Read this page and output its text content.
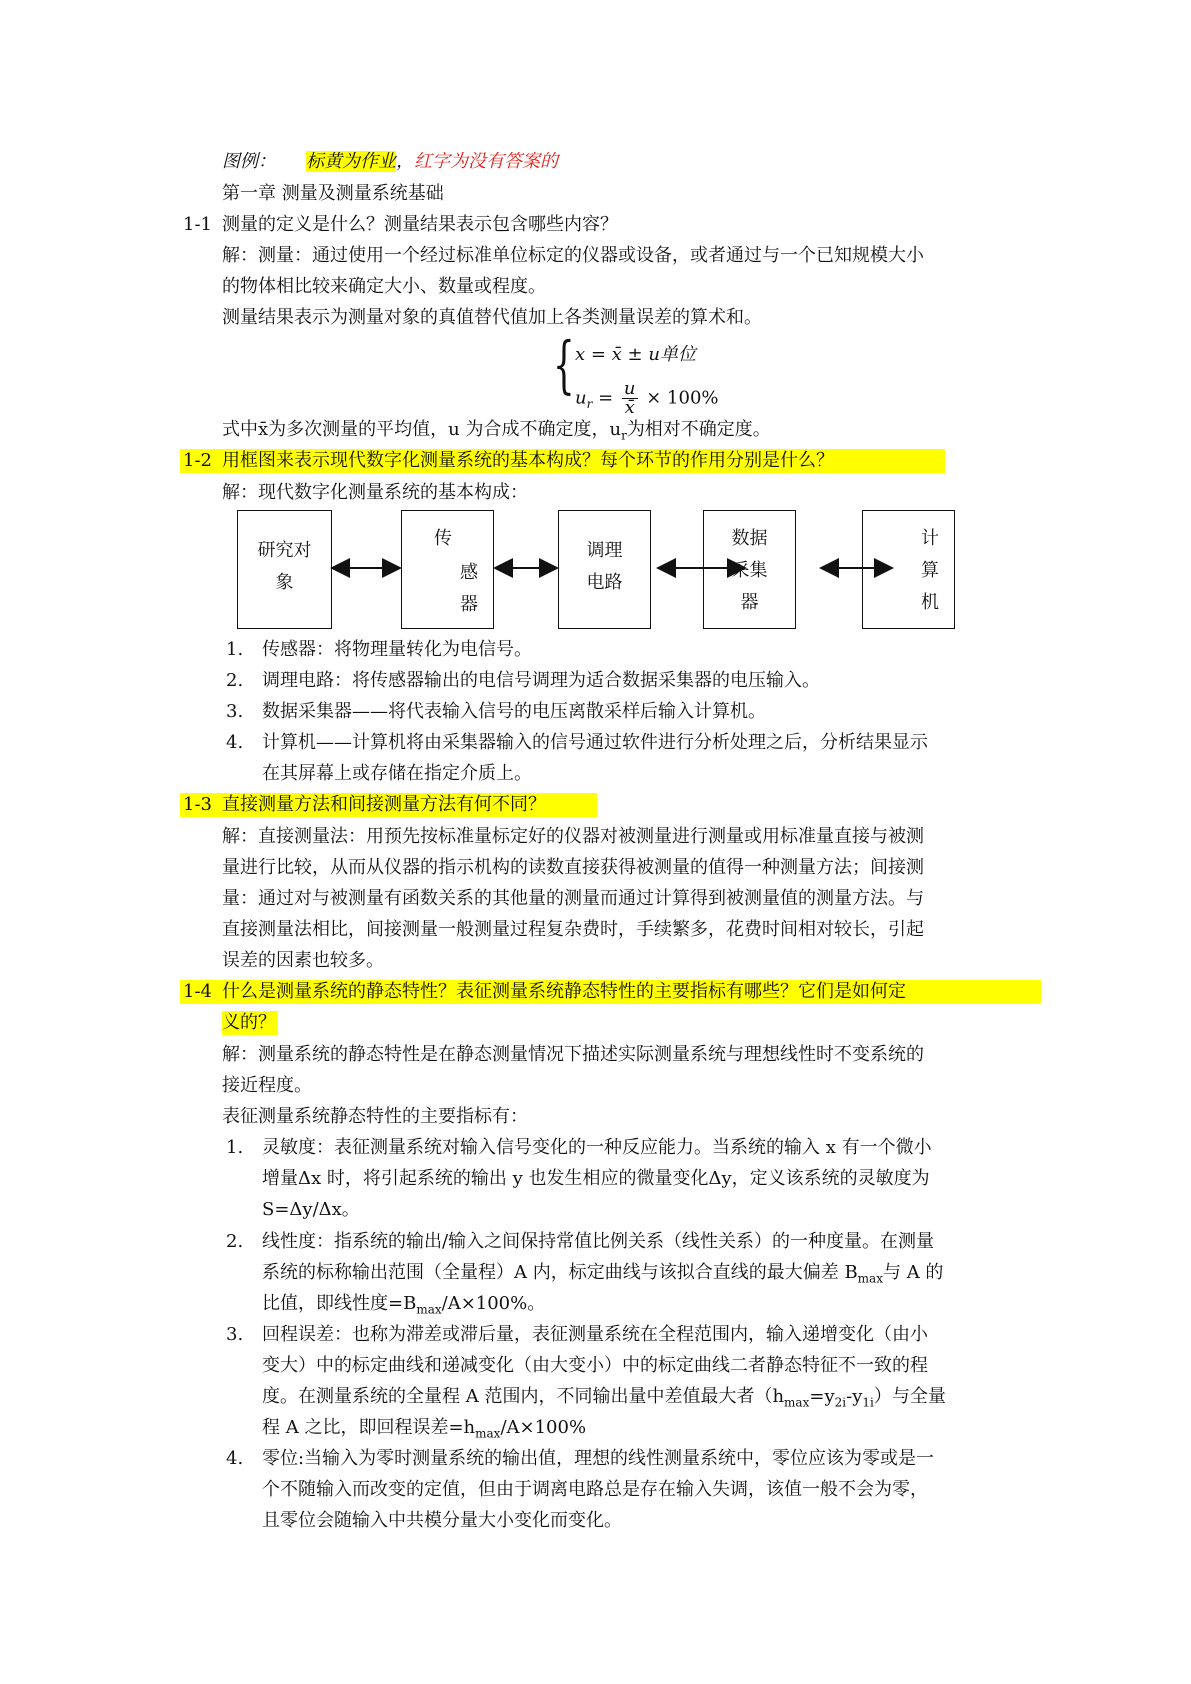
图例： 标黄为作业，红字为没有答案的
第一章 测量及测量系统基础
1-1 测量的定义是什么？测量结果表示包含哪些内容？
解：测量：通过使用一个经过标准单位标定的仪器或设备，或者通过与一个已知规模大小
的物体相比较来确定大小、数量或程度。
测量结果表示为测量对象的真值替代值加上各类测量误差的算术和。
{ x = x̄ ± u单位
$u_r = \frac{u}{x̄} \times 100\%$
式中x̄为多次测量的平均值，u 为合成不确定度，$u_r$为相对不确定度。
1-2 用框图来表示现代数字化测量系统的基本构成？每个环节的作用分别是什么？
解：现代数字化测量系统的基本构成：
研究对
象
传
感
器
调理
电路
数据
采集
器
计
算
机
1. 传感器：将物理量转化为电信号。
2. 调理电路：将传感器输出的电信号调理为适合数据采集器的电压输入。
3. 数据采集器——将代表输入信号的电压离散采样后输入计算机。
4. 计算机——计算机将由采集器输入的信号通过软件进行分析处理之后，分析结果显示
在其屏幕上或存储在指定介质上。
1-3 直接测量方法和间接测量方法有何不同？
解：直接测量法：用预先按标准量标定好的仪器对被测量进行测量或用标准量直接与被测
量进行比较，从而从仪器的指示机构的读数直接获得被测量的值得一种测量方法；间接测
量：通过对与被测量有函数关系的其他量的测量而通过计算得到被测量值的测量方法。与
直接测量法相比，间接测量一般测量过程复杂费时，手续繁多，花费时间相对较长，引起
误差的因素也较多。
1-4 什么是测量系统的静态特性？表征测量系统静态特性的主要指标有哪些？它们是如何定
义的？
解：测量系统的静态特性是在静态测量情况下描述实际测量系统与理想线性时不变系统的
接近程度。
表征测量系统静态特性的主要指标有：
1. 灵敏度：表征测量系统对输入信号变化的一种反应能力。当系统的输入 x 有一个微小
增量Δx 时，将引起系统的输出 y 也发生相应的微量变化Δy，定义该系统的灵敏度为
S=Δy/Δx。
2. 线性度：指系统的输出/输入之间保持常值比例关系（线性关系）的一种度量。在测量
系统的标称输出范围（全量程）A 内，标定曲线与该拟合直线的最大偏差 $B_{max}$与 A 的
比值，即线性度$=B_{max}/A\times 100\%$。
3. 回程误差：也称为滞差或滞后量，表征测量系统在全程范围内，输入递增变化（由小
变大）中的标定曲线和递减变化（由大变小）中的标定曲线二者静态特征不一致的程
度。在测量系统的全量程 A 范围内，不同输出量中差值最大者$(h_{max}=y_{2i}-y_{1i})$与全量
程 A 之比，即回程误差$=h_{max}/A\times 100\%$
4. 零位:当输入为零时测量系统的输出值，理想的线性测量系统中，零位应该为零或是一
个不随输入而改变的定值，但由于调离电路总是存在输入失调，该值一般不会为零，
且零位会随输入中共模分量大小变化而变化。
